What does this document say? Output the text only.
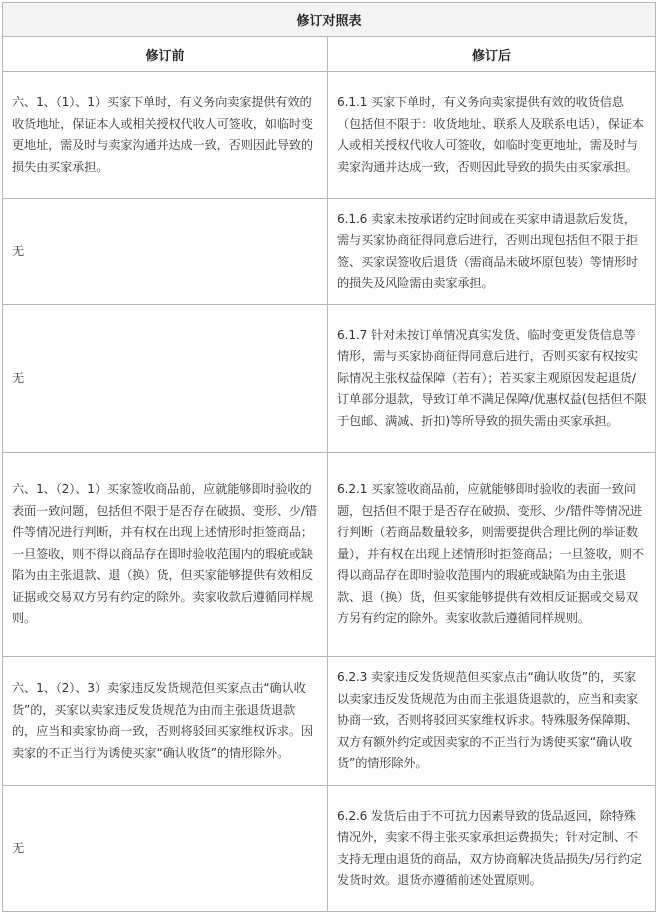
修订对照表	
修订前	修订后
六、1、（1）、1）买家下单时，有义务向卖家提供有效的收货地址，保证本人或相关授权代收人可签收，如临时变更地址，需及时与卖家沟通并达成一致，否则因此导致的损失由买家承担。	6.1.1 买家下单时，有义务向卖家提供有效的收货信息（包括但不限于：收货地址、联系人及联系电话），保证本人或相关授权代收人可签收，如临时变更地址，需及时与卖家沟通并达成一致，否则因此导致的损失由买家承担。
无	6.1.6 卖家未按承诺约定时间或在买家申请退款后发货，需与买家协商征得同意后进行，否则出现包括但不限于拒签、买家误签收后退货（需商品未破坏原包装）等情形时的损失及风险需由卖家承担。
无	6.1.7 针对未按订单情况真实发货、临时变更发货信息等情形，需与买家协商征得同意后进行，否则买家有权按实际情况主张权益保障（若有）；若买家主观原因发起退货/订单部分退款，导致订单不满足保障/优惠权益(包括但不限于包邮、满减、折扣)等所导致的损失需由买家承担。
六、1、（2）、1）买家签收商品前，应就能够即时验收的表面一致问题，包括但不限于是否存在破损、变形、少/错件等情况进行判断，并有权在出现上述情形时拒签商品；一旦签收，则不得以商品存在即时验收范围内的瑕疵或缺陷为由主张退款、退（换）货，但买家能够提供有效相反证据或交易双方另有约定的除外。卖家收款后遵循同样规则。	6.2.1 买家签收商品前，应就能够即时验收的表面一致问题，包括但不限于是否存在破损、变形、少/错件等情况进行判断（若商品数量较多，则需要提供合理比例的举证数量），并有权在出现上述情形时拒签商品；一旦签收，则不得以商品存在即时验收范围内的瑕疵或缺陷为由主张退款、退（换）货，但买家能够提供有效相反证据或交易双方另有约定的除外。卖家收款后遵循同样规则。
六、1、（2）、3）卖家违反发货规范但买家点击“确认收货”的，买家以卖家违反发货规范为由而主张退货退款的，应当和卖家协商一致，否则将驳回买家维权诉求。因卖家的不正当行为诱使买家“确认收货”的情形除外。	6.2.3 卖家违反发货规范但买家点击“确认收货”的，买家以卖家违反发货规范为由而主张退货退款的，应当和卖家协商一致，否则将驳回买家维权诉求。特殊服务保障期、双方有额外约定或因卖家的不正当行为诱使买家“确认收货”的情形除外。
无	6.2.6 发货后由于不可抗力因素导致的货品返回，除特殊情况外，卖家不得主张买家承担运费损失；针对定制、不支持无理由退货的商品，双方协商解决货品损失/另行约定发货时效。退货亦遵循前述处置原则。
